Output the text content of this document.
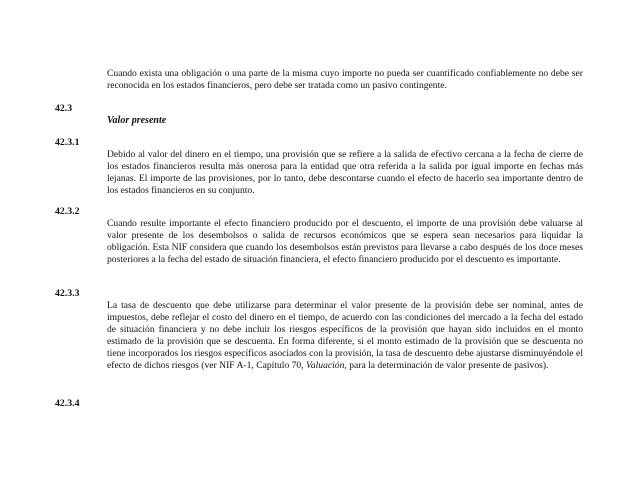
Cuando exista una obligación o una parte de la misma cuyo importe no pueda ser cuantificado confiablemente no debe ser reconocida en los estados financieros, pero debe ser tratada como un pasivo contingente.

42.3

Valor presente

42.3.1

Debido al valor del dinero en el tiempo, una provisión que se refiere a la salida de efectivo cercana a la fecha de cierre de los estados financieros resulta más onerosa para la entidad que otra referida a la salida por igual importe en fechas más lejanas. El importe de las provisiones, por lo tanto, debe descontarse cuando el efecto de hacerlo sea importante dentro de los estados financieros en su conjunto.

42.3.2

Cuando resulte importante el efecto financiero producido por el descuento, el importe de una provisión debe valuarse al valor presente de los desembolsos o salida de recursos económicos que se espera sean necesarios para liquidar la obligación. Esta NIF considera que cuando los desembolsos están previstos para llevarse a cabo después de los doce meses posteriores a la fecha del estado de situación financiera, el efecto financiero producido por el descuento es importante.

42.3.3

La tasa de descuento que debe utilizarse para determinar el valor presente de la provisión debe ser nominal, antes de impuestos, debe reflejar el costo del dinero en el tiempo, de acuerdo con las condiciones del mercado a la fecha del estado de situación financiera y no debe incluir los riesgos específicos de la provisión que hayan sido incluidos en el monto estimado de la provisión que se descuenta. En forma diferente, si el monto estimado de la provisión que se descuenta no tiene incorporados los riesgos específicos asociados con la provisión, la tasa de descuento debe ajustarse disminuyéndole el efecto de dichos riesgos (ver NIF A-1, Capítulo 70, Valuación, para la determinación de valor presente de pasivos).

42.3.4
